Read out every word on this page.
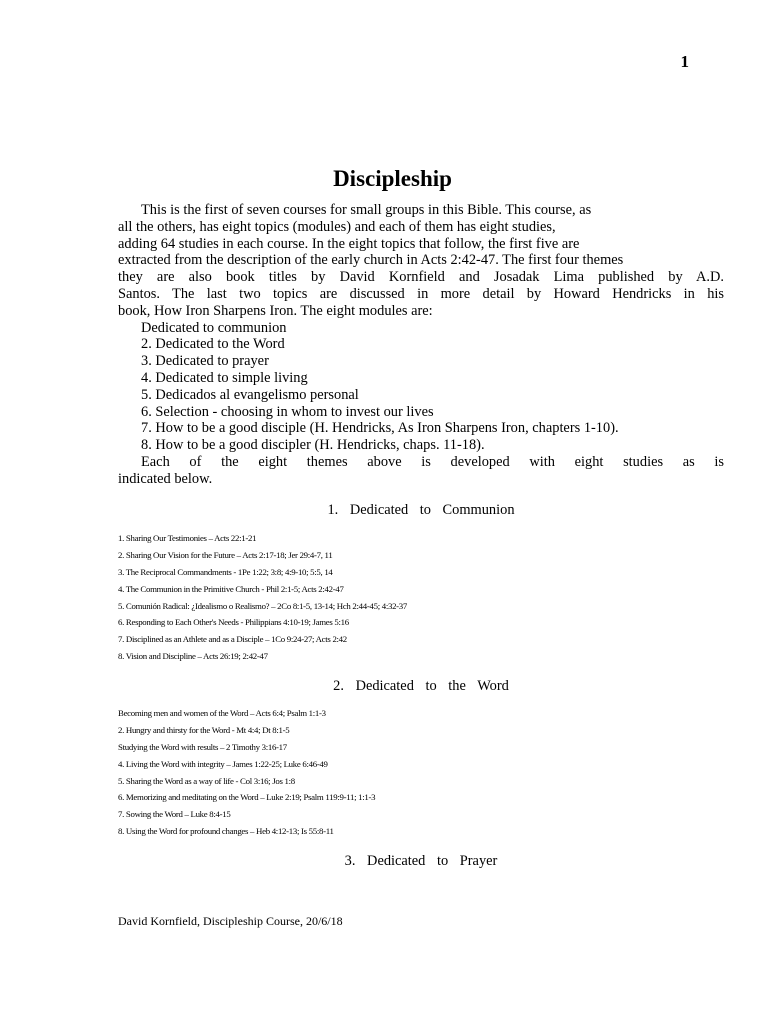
1
Discipleship
This is the first of seven courses for small groups in this Bible. This course, as
all the others, has eight topics (modules) and each of them has eight studies,
adding 64 studies in each course. In the eight topics that follow, the first five are
extracted from the description of the early church in Acts 2:42-47. The first four themes
they are also book titles by David Kornfield and Josadak Lima published by A.D.
Santos. The last two topics are discussed in more detail by Howard Hendricks in his
book, How Iron Sharpens Iron. The eight modules are:
Dedicated to communion
2. Dedicated to the Word
3. Dedicated to prayer
4. Dedicated to simple living
5. Dedicados al evangelismo personal
6. Selection - choosing in whom to invest our lives
7. How to be a good disciple (H. Hendricks, As Iron Sharpens Iron, chapters 1-10).
8. How to be a good discipler (H. Hendricks, chaps. 11-18).
Each of the eight themes above is developed with eight studies as is
indicated below.
1. Dedicated to Communion
1. Sharing Our Testimonies – Acts 22:1-21
2. Sharing Our Vision for the Future – Acts 2:17-18; Jer 29:4-7, 11
3. The Reciprocal Commandments - 1Pe 1:22; 3:8; 4:9-10; 5:5, 14
4. The Communion in the Primitive Church - Phil 2:1-5; Acts 2:42-47
5. Comunión Radical: ¿Idealismo o Realismo? – 2Co 8:1-5, 13-14; Hch 2:44-45; 4:32-37
6. Responding to Each Other's Needs - Philippians 4:10-19; James 5:16
7. Disciplined as an Athlete and as a Disciple – 1Co 9:24-27; Acts 2:42
8. Vision and Discipline – Acts 26:19; 2:42-47
2. Dedicated to the Word
Becoming men and women of the Word – Acts 6:4; Psalm 1:1-3
2. Hungry and thirsty for the Word - Mt 4:4; Dt 8:1-5
Studying the Word with results – 2 Timothy 3:16-17
4. Living the Word with integrity – James 1:22-25; Luke 6:46-49
5. Sharing the Word as a way of life - Col 3:16; Jos 1:8
6. Memorizing and meditating on the Word – Luke 2:19; Psalm 119:9-11; 1:1-3
7. Sowing the Word – Luke 8:4-15
8. Using the Word for profound changes – Heb 4:12-13; Is 55:8-11
3. Dedicated to Prayer
David Kornfield, Discipleship Course, 20/6/18
